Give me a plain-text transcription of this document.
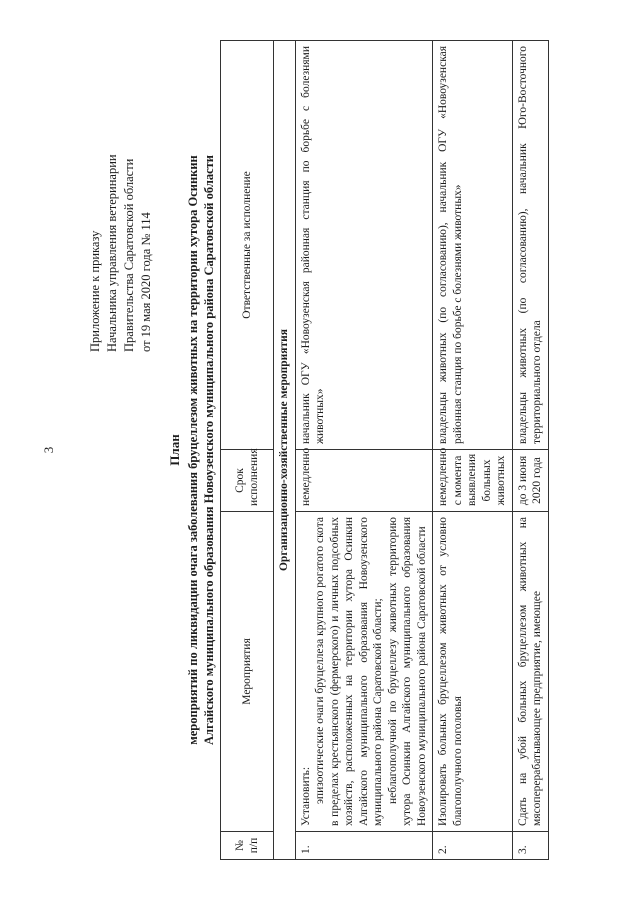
3
Приложение к приказу Начальника управления ветеринарии Правительства Саратовской области от 19 мая 2020 года № 114
План мероприятий по ликвидации очага заболевания бруцеллезом животных на территории хутора Осинкин Алгайского муниципального образования Новоузенского муниципального района Саратовской области
№ п/п	Мероприятия	Срок исполнения	Ответственные за исполнение
Организационно-хозяйственные мероприятия			
1.	Установить: эпизоотические очаги бруцеллеза крупного рогатого скота в пределах крестьянского (фермерского) и личных подсобных хозяйств, расположенных на территории хутора Осинкин Алгайского муниципального образования Новоузенского муниципального района Саратовской области; неблагополучной по бруцеллезу животных территорию хутора Осинкин Алгайского муниципального образования Новоузенского муниципального района Саратовской области	немедленно	начальник ОГУ «Новоузенская районная станция по борьбе с болезнями животных»
2.	Изолировать больных бруцеллезом животных от условно благополучного поголовья	немедленно с момента выявления больных животных	владельцы животных (по согласованию), начальник ОГУ «Новоузенская районная станция по борьбе с болезнями животных»
3.	Сдать на убой больных бруцеллезом животных на мясоперерабатывающее предприятие, имеющее	до 3 июня 2020 года	владельцы животных (по согласованию), начальник Юго-Восточного территориального отдела
